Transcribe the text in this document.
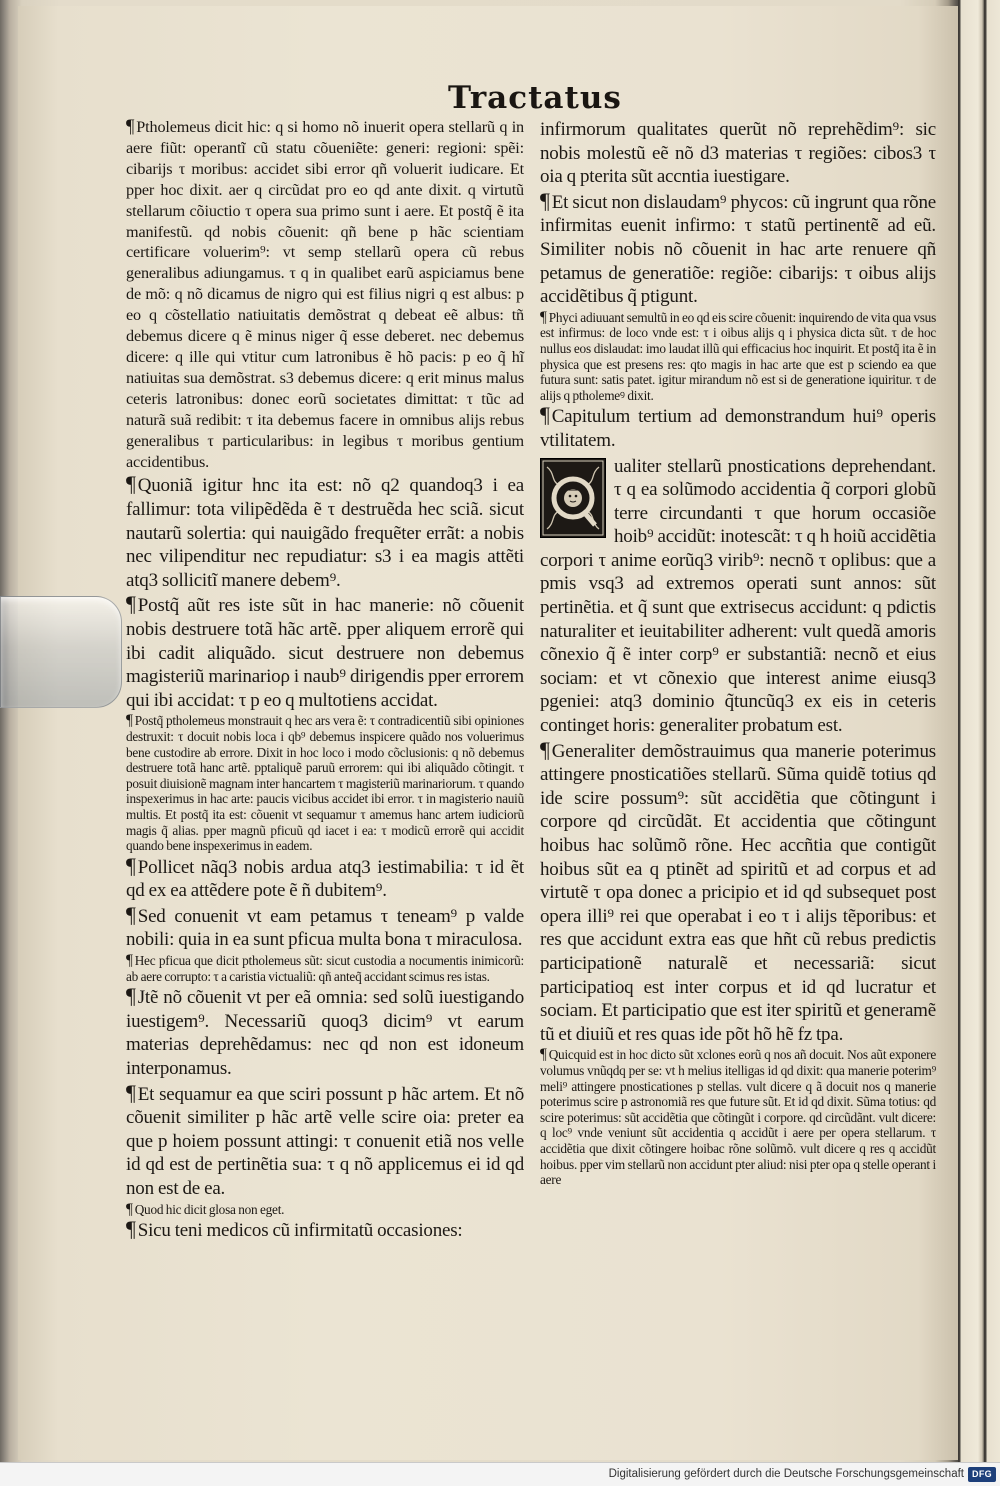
Tractatus

¶ Ptholemeus dicit hic: q si homo nõ inuerit opera stellarũ q in aere fiũt: operantĩ cũ statu cõueniẽte: generi: regioni: spẽi: cibarijs τ moribus: accidet sibi error qñ voluerit iudicare. Et pper hoc dixit. aer q circũdat pro eo qd ante dixit. q virtutũ stellarum cõiuctio τ opera sua primo sunt i aere. Et postq̃ ẽ ita manifestũ. qd nobis cõuenit: qñ bene p hãc scientiam certificare voluerim⁹: vt semp stellarũ opera cũ rebus generalibus adiungamus. τ q in qualibet earũ aspiciamus bene de mõ: q nõ dicamus de nigro qui est filius nigri q est albus: p eo q cõstellatio natiuitatis demõstrat q debeat eẽ albus: tñ debemus dicere q ẽ minus niger q̃ esse deberet. nec debemus dicere: q ille qui vtitur cum latronibus ẽ hõ pacis: p eo q̃ hĩ natiuitas sua demõstrat. s3 debemus dicere: q erit minus malus ceteris latronibus: donec eorũ societates dimittat: τ tũc ad naturã suã redibit: τ ita debemus facere in omnibus alijs rebus generalibus τ particularibus: in legibus τ moribus gentium accidentibus.

¶ Quoniã igitur hnc ita est: nõ q2 quandoq3 i ea fallimur: tota vilipẽdẽda ẽ τ destruẽda hec sciã. sicut nautarũ solertia: qui nauigãdo frequẽter errãt: a nobis nec vilipenditur nec repudiatur: s3 i ea magis attẽti atq3 sollicitĩ manere debem⁹.

¶ Postq̃ aũt res iste sũt in hac manerie: nõ cõuenit nobis destruere totã hãc artẽ. pper aliquem errorẽ qui ibi cadit aliquãdo. sicut destruere non debemus magisteriũ marinarioρ i naub⁹ dirigendis pper errorem qui ibi accidat: τ p eo q multotiens accidat.

¶ Postq̃ ptholemeus monstrauit q hec ars vera ẽ: τ contradicentiũ sibi opiniones destruxit: τ docuit nobis loca i qb⁹ debemus inspicere quãdo nos voluerimus bene custodire ab errore. Dixit in hoc loco i modo cõclusionis: q nõ debemus destruere totã hanc artẽ. pptaliquẽ paruũ errorem: qui ibi aliquãdo cõtingit. τ posuit diuisionẽ magnam inter hancartem τ magisteriũ marinariorum. τ quando inspexerimus in hac arte: paucis vicibus accidet ibi error. τ in magisterio nauiũ multis. Et postq̃ ita est: cõuenit vt sequamur τ amemus hanc artem iudiciorũ magis q̃ alias. pper magnũ pficuũ qd iacet i ea: τ modicũ errorẽ qui accidit quando bene inspexerimus in eadem.

¶ Pollicet nãq3 nobis ardua atq3 iestimabilia: τ id ẽt qd ex ea attẽdere pote ẽ ñ dubitem⁹.

¶ Sed conuenit vt eam petamus τ teneam⁹ p valde nobili: quia in ea sunt pficua multa bona τ miraculosa.

¶ Hec pficua que dicit ptholemeus sũt: sicut custodia a nocumentis inimicorũ: ab aere corrupto: τ a caristia victualiũ: qñ anteq̃ accidant scimus res istas.

¶ Jtẽ nõ cõuenit vt per eã omnia: sed solũ iuestigando iuestigem⁹. Necessariũ quoq3 dicim⁹ vt earum materias deprehẽdamus: nec qd non est idoneum interponamus.

¶ Et sequamur ea que sciri possunt p hãc artem. Et nõ cõuenit similiter p hãc artẽ velle scire oia: preter ea que p hoiem possunt attingi: τ conuenit etiã nos velle id qd est de pertinẽtia sua: τ q nõ applicemus ei id qd non est de ea.

¶ Quod hic dicit glosa non eget.

¶ Sicu teni medicos cũ infirmitatũ occasiones:

infirmorum qualitates querũt nõ reprehẽdim⁹: sic nobis molestũ eẽ nõ d3 materias τ regiões: cibos3 τ oia q pterita sũt accntia iuestigare.

¶ Et sicut non dislaudam⁹ phycos: cũ ingrunt qua rõne infirmitas euenit infirmo: τ statũ pertinentẽ ad eũ. Similiter nobis nõ cõuenit in hac arte renuere qñ petamus de generatiõe: regiõe: cibarijs: τ oibus alijs accidẽtibus q̃ ptigunt.

¶ Phyci adiuuant semultũ in eo qd eis scire cõuenit: inquirendo de vita qua vsus est infirmus: de loco vnde est: τ i oibus alijs q i physica dicta sũt. τ de hoc nullus eos dislaudat: imo laudat illũ qui efficacius hoc inquirit. Et postq̃ ita ẽ in physica que est presens res: qto magis in hac arte que est p sciendo ea que futura sunt: satis patet. igitur mirandum nõ est si de generatione iquiritur. τ de alijs q ptholemeꝰ dixit.

¶ Capitulum tertium ad demonstrandum hui⁹ operis vtilitatem.

ualiter stellarũ pnostications deprehendant. τ q ea solũmodo accidentia q̃ corpori globũ terre circundanti τ que horum occasiõe hoib⁹ accidũt: inotescãt: τ q h hoiũ accidẽtia corpori τ anime eorũq3 virib⁹: necnõ τ oplibus: que a pmis vsq3 ad extremos operati sunt annos: sũt pertinẽtia. et q̃ sunt que extrisecus accidunt: q pdictis naturaliter et ieuitabiliter adherent: vult quedã amoris cõnexio q̃ ẽ inter corp⁹ er substantiã: necnõ et eius sociam: et vt cõnexio que interest anime eiusq3 pgeniei: atq3 dominio q̃tuncũq3 ex eis in ceteris continget horis: generaliter probatum est.

¶ Generaliter demõstrauimus qua manerie poterimus attingere pnosticatiões stellarũ. Sũma quidẽ totius qd ide scire possum⁹: sũt accidẽtia que cõtingunt i corpore qd circũdãt. Et accidentia que cõtingunt hoibus hac solũmõ rõne. Hec accñtia que contigũt hoibus sũt ea q ptinẽt ad spiritũ et ad corpus et ad virtutẽ τ opa donec a pricipio et id qd subsequet post opera illi⁹ rei que operabat i eo τ i alijs tẽporibus: et res que accidunt extra eas que hñt cũ rebus predictis participationẽ naturalẽ et necessariã: sicut participatioq est inter corpus et id qd lucratur et sociam. Et participatio que est iter spiritũ et generamẽ tũ et diuiũ et res quas ide põt hõ hẽ fz tpa.

¶ Quicquid est in hoc dicto sũt xclones eorũ q nos añ docuit. Nos aũt exponere volumus vnũqdq per se: vt h melius itelligas id qd dixit: qua manerie poterim⁹ meli⁹ attingere pnosticationes p stellas. vult dicere q ã docuit nos q manerie poterimus scire p astronomiã res que future sũt. Et id qd dixit. Sũma totius: qd scire poterimus: sũt accidẽtia que cõtingũt i corpore. qd circũdãnt. vult dicere: q loc⁹ vnde veniunt sũt accidentia q accidũt i aere per opera stellarum. τ accidẽtia que dixit cõtingere hoibac rõne solũmõ. vult dicere q res q accidũt hoibus. pper vim stellarũ non accidunt pter aliud: nisi pter opa q stelle operant i aere

Digitalisierung gefördert durch die Deutsche Forschungsgemeinschaft DFG
